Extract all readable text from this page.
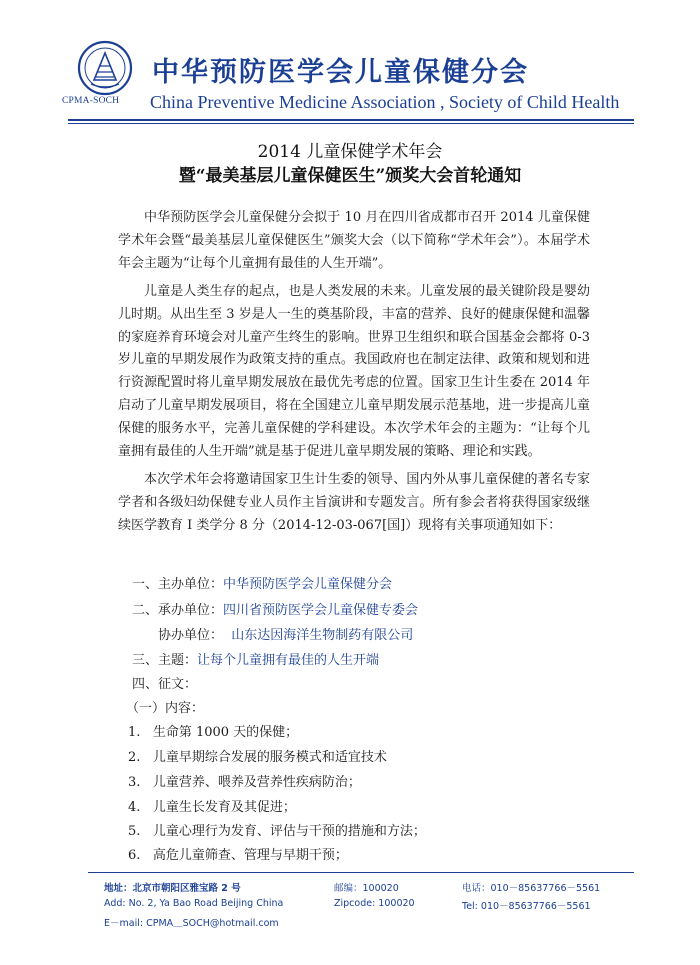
CPMA-SOCH
中华预防医学会儿童保健分会
China Preventive Medicine Association , Society of Child Health
2014 儿童保健学术年会
暨“最美基层儿童保健医生”颁奖大会首轮通知

中华预防医学会儿童保健分会拟于 10 月在四川省成都市召开 2014 儿童保健学术年会暨“最美基层儿童保健医生”颁奖大会（以下简称“学术年会”）。本届学术年会主题为“让每个儿童拥有最佳的人生开端”。

儿童是人类生存的起点，也是人类发展的未来。儿童发展的最关键阶段是婴幼儿时期。从出生至 3 岁是人一生的奠基阶段，丰富的营养、良好的健康保健和温馨的家庭养育环境会对儿童产生终生的影响。世界卫生组织和联合国基金会都将 0-3 岁儿童的早期发展作为政策支持的重点。我国政府也在制定法律、政策和规划和进行资源配置时将儿童早期发展放在最优先考虑的位置。国家卫生计生委在 2014 年启动了儿童早期发展项目，将在全国建立儿童早期发展示范基地，进一步提高儿童保健的服务水平，完善儿童保健的学科建设。本次学术年会的主题为：“让每个儿童拥有最佳的人生开端”就是基于促进儿童早期发展的策略、理论和实践。

本次学术年会将邀请国家卫生计生委的领导、国内外从事儿童保健的著名专家学者和各级妇幼保健专业人员作主旨演讲和专题发言。所有参会者将获得国家级继续医学教育 I 类学分 8 分（2014-12-03-067[国]）现将有关事项通知如下：

一、主办单位：中华预防医学会儿童保健分会
二、承办单位：四川省预防医学会儿童保健专委会
协办单位： 山东达因海洋生物制药有限公司
三、主题：让每个儿童拥有最佳的人生开端
四、征文：
（一）内容：
1. 生命第 1000 天的保健；
2. 儿童早期综合发展的服务模式和适宜技术
3. 儿童营养、喂养及营养性疾病防治；
4. 儿童生长发育及其促进；
5. 儿童心理行为发育、评估与干预的措施和方法；
6. 高危儿童筛查、管理与早期干预；
地址：北京市朝阳区雅宝路 2 号
Add: No. 2, Ya Bao Road Beijing China
E－mail: CPMA＿SOCH@hotmail.com
邮编：100020
Zipcode: 100020
电话：010－85637766－5561
Tel: 010－85637766－5561
